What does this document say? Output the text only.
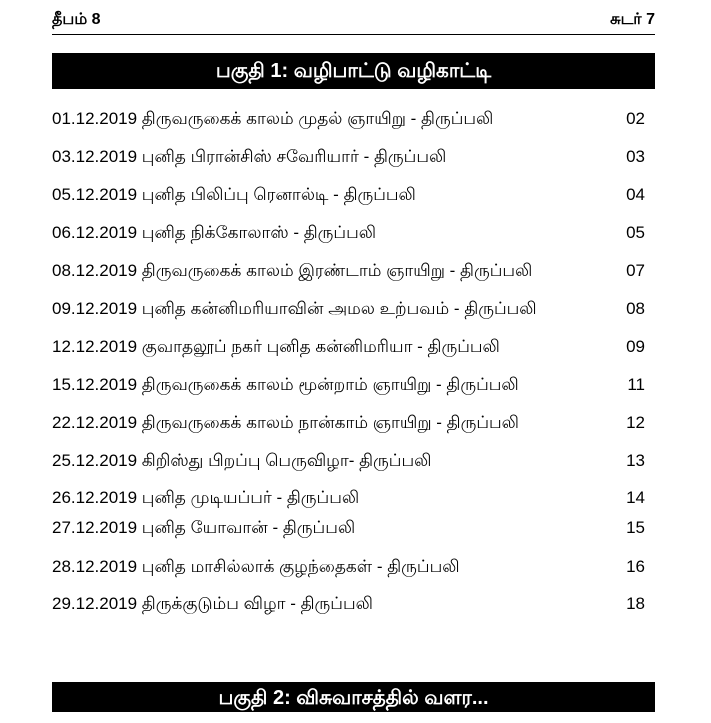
தீபம் 8	சுடர் 7
பகுதி 1: வழிபாட்டு வழிகாட்டி
01.12.2019 திருவருகைக் காலம் முதல் ஞாயிறு - திருப்பலி	02
03.12.2019 புனித பிரான்சிஸ் சவேரியார் - திருப்பலி	03
05.12.2019 புனித பிலிப்பு ரெனால்டி - திருப்பலி	04
06.12.2019 புனித நிக்கோலாஸ் - திருப்பலி	05
08.12.2019 திருவருகைக் காலம் இரண்டாம் ஞாயிறு - திருப்பலி	07
09.12.2019 புனித கன்னிமரியாவின் அமல உற்பவம் - திருப்பலி	08
12.12.2019 குவாதலூப் நகர் புனித கன்னிமரியா - திருப்பலி	09
15.12.2019 திருவருகைக் காலம் மூன்றாம் ஞாயிறு - திருப்பலி	11
22.12.2019 திருவருகைக் காலம் நான்காம் ஞாயிறு - திருப்பலி	12
25.12.2019 கிறிஸ்து பிறப்பு பெருவிழா- திருப்பலி	13
26.12.2019 புனித முடியப்பர் - திருப்பலி	14
27.12.2019 புனித யோவான் - திருப்பலி	15
28.12.2019 புனித மாசில்லாக் குழந்தைகள் - திருப்பலி	16
29.12.2019 திருக்குடும்ப விழா - திருப்பலி	18
பகுதி 2: விசுவாசத்தில் வளர...
